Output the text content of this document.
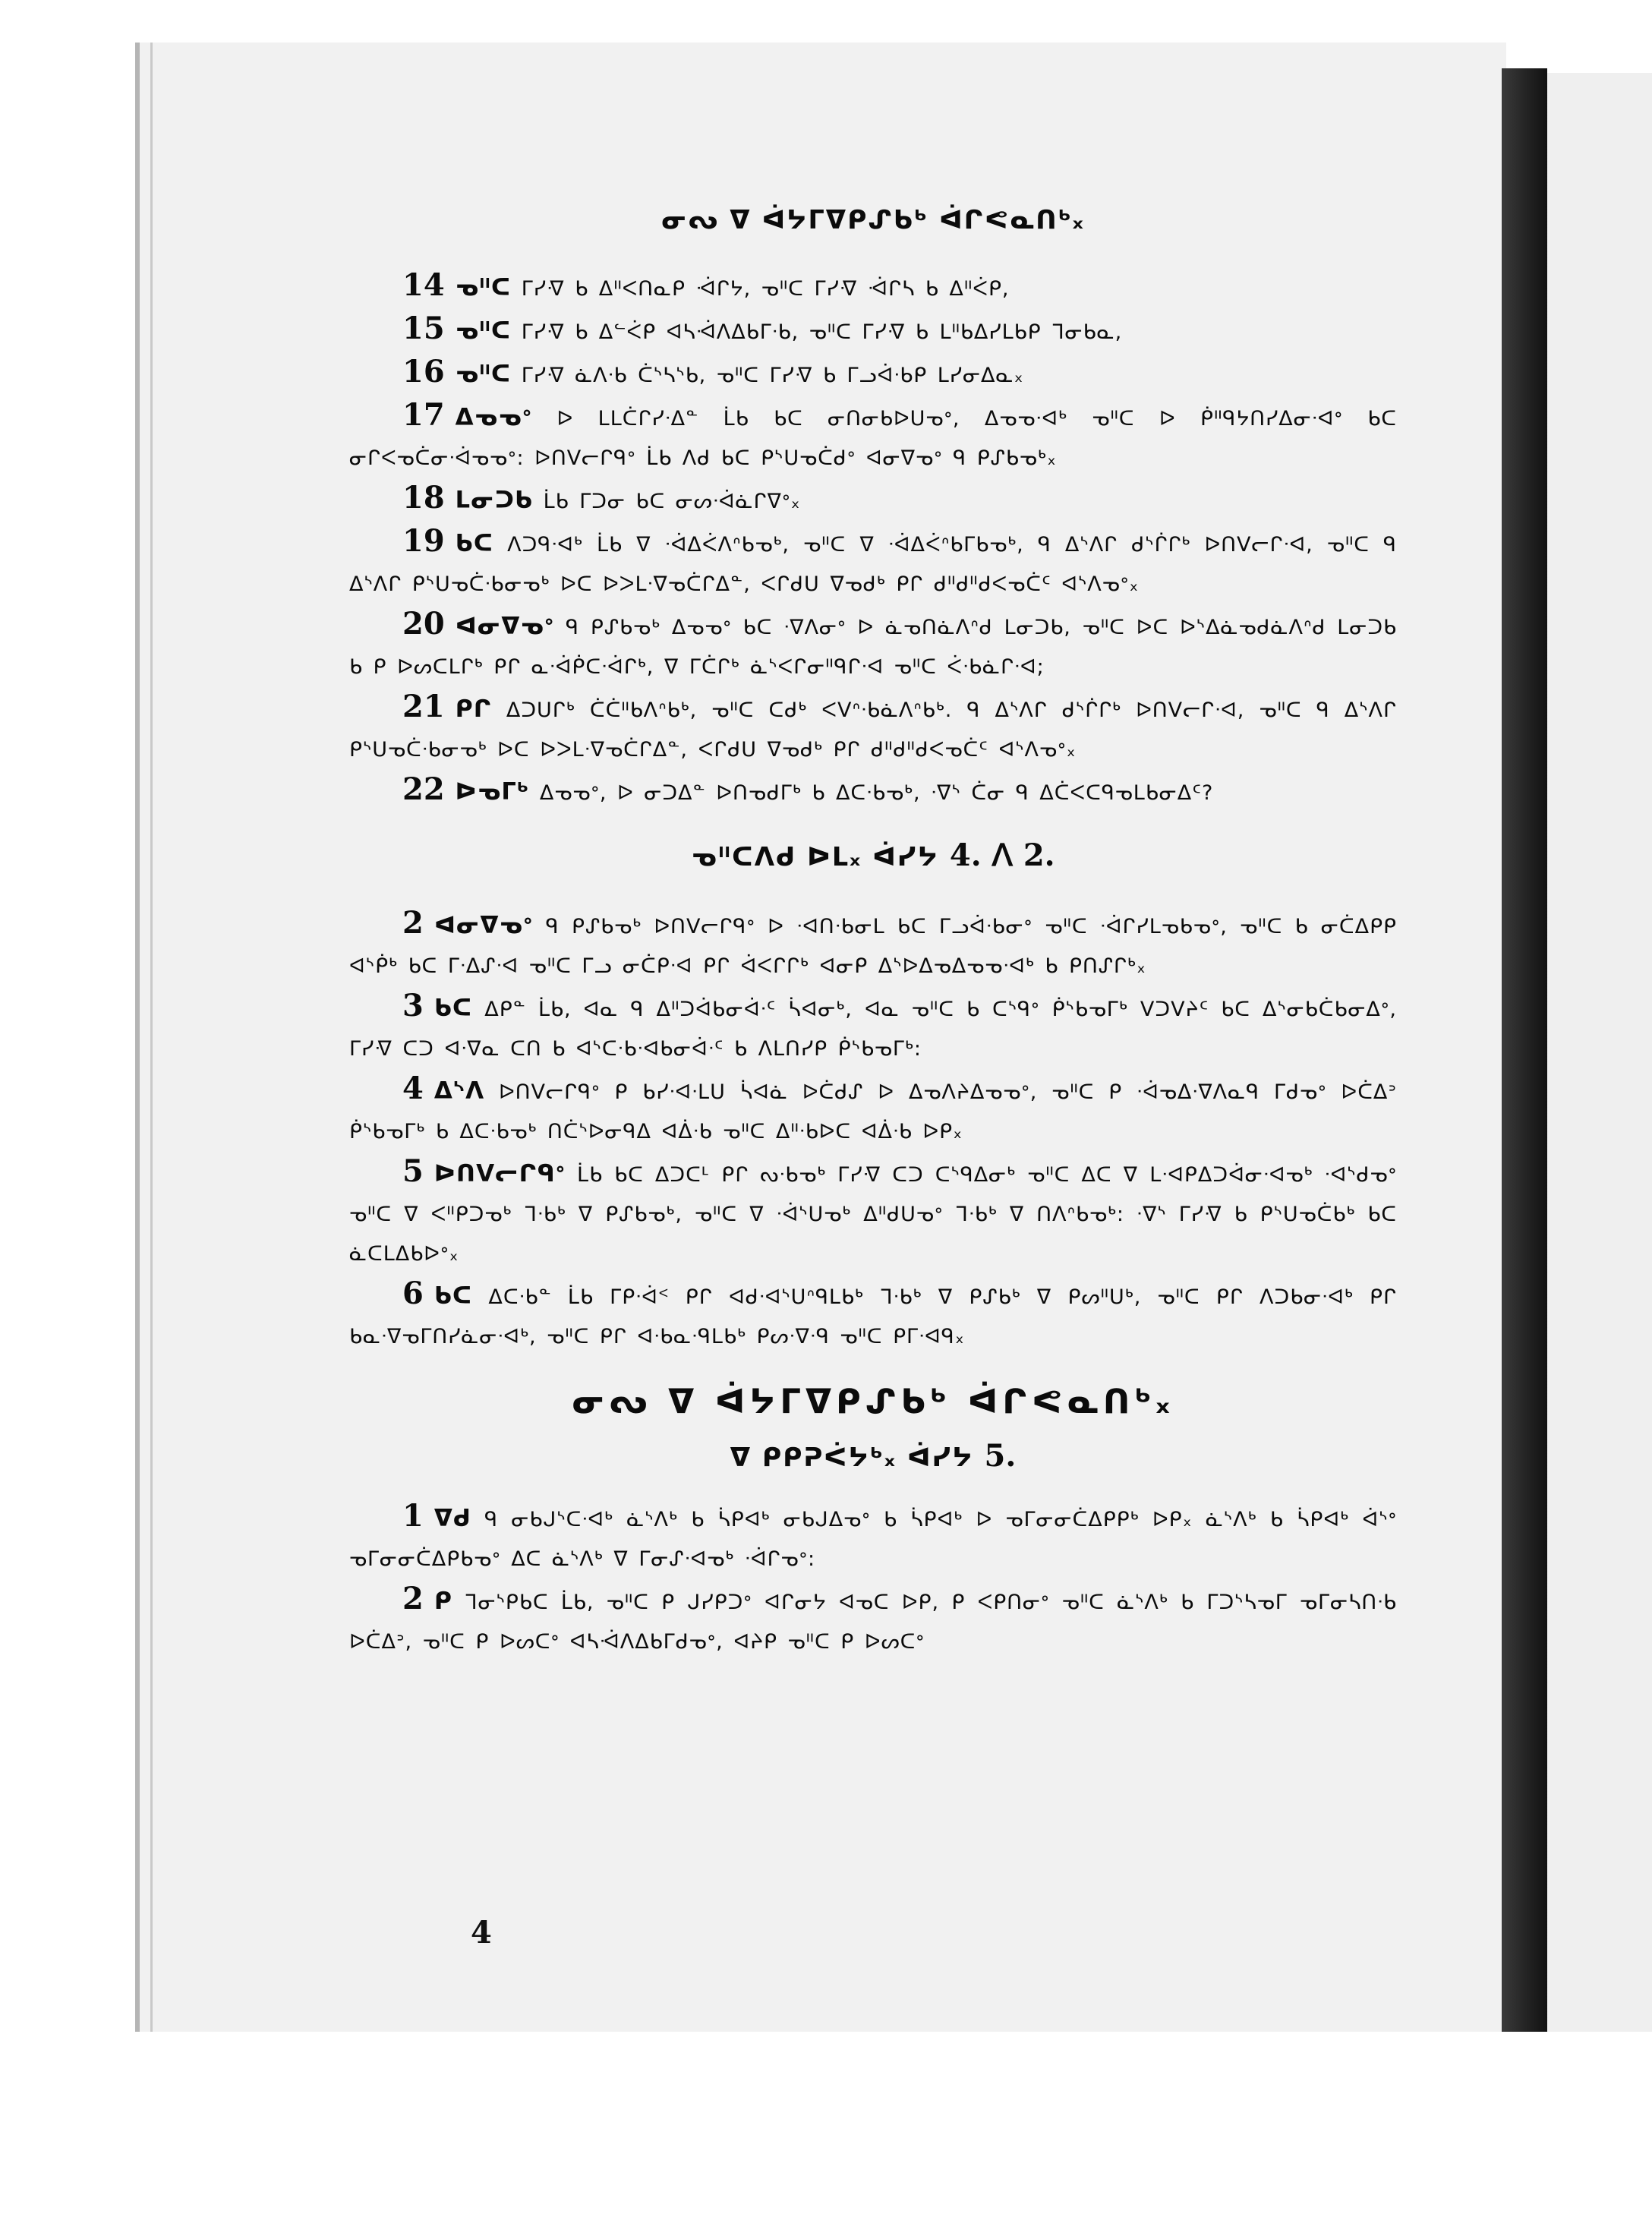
ᓂᔓ ᐁ ᐋᔭᒥᐁᑭᔑᑲᒃ ᐋᒋᕙᓇᑎᒃₓ

14 ᓀᐦᑕ ᒥᓯᐌ ᑲ ᐃᐦᐸᑎᓇᑭ ᐙᒋᔭ, ᓀᐦᑕ ᒥᓯᐌ ᐙᒋᓴ ᑲ ᐃᐦᐹᑭ,

15 ᓀᐦᑕ ᒥᓯᐌ ᑲ ᐃᓪᐹᑭ ᐊᓴᐙᐱᐃᑲᒥᐧᑲ, ᓀᐦᑕ ᒥᓯᐌ ᑲ ᒪᐦᑲᐃᓯᒪᑲᑭ ᒣᓂᑲᓇ,

16 ᓀᐦᑕ ᒥᓯᐌ ᓈᐱᐧᑲ ᑖᔅᓴᔅᑲ, ᓀᐦᑕ ᒥᓯᐌ ᑲ ᒥᓗᐋᐧᑲᑭ ᒪᓯᓂᐃᓇₓ

17 ᐃᓀᓀᐤ ᐅ ᒪᒪᑖᒋᓯᐧᐃᓐ ᒫᑲ ᑲᑕ ᓂᑎᓂᑲᐅᑌᓀᐤ, ᐃᓀᓀᐧᐊᒃ ᓀᐦᑕ ᐅ ᑮᐦᑫᔭᑎᓯᐃᓂᐧᐊᐤ ᑲᑕ ᓂᒋᐸᓀᑖᓂᐧᐋᓀᓀᐤ: ᐅᑎᐯᓕᒋᑫᐤ ᒫᑲ ᐱᑯ ᑲᑕ ᑭᔅᑌᓀᑖᑯᐤ ᐊᓂᐁᓀᐤ ᑫ ᑭᔑᑲᓀᒃₓ

18 ᒪᓂᑐᑲ ᒫᑲ ᒥᑐᓂ ᑲᑕ ᓂᔕᐧᐋᓈᒋᐁᐤₓ

19 ᑲᑕ ᐱᑐᑫᐧᐊᒃ ᒫᑲ ᐁ ᐧᐋᐃᐹᐱᐢᑲᓀᒃ, ᓀᐦᑕ ᐁ ᐧᐋᐃᐹᐢᑲᒥᑲᓀᒃ, ᑫ ᐃᔅᐱᒋ ᑯᔅᒌᒋᒃ ᐅᑎᐯᓕᒋᐧᐊ, ᓀᐦᑕ ᑫ ᐃᔅᐱᒋ ᑭᔅᑌᓀᑖᐧᑲᓂᓀᒃ ᐅᑕ ᐅᐳᒪᐧᐁᓀᑖᒋᐃᓐ, ᐸᒋᑯᑌ ᐁᓀᑯᒃ ᑭᒋ ᑯᐦᑯᐦᑯᐸᓀᑖᑦ ᐊᔅᐱᓀᐤₓ

20 ᐊᓂᐁᓀᐤ ᑫ ᑭᔑᑲᓀᒃ ᐃᓀᓀᐤ ᑲᑕ ᐧᐁᐱᓂᐤ ᐅ ᓈᓀᑎᓈᐱᐢᑯ ᒪᓂᑐᑲ, ᓀᐦᑕ ᐅᑕ ᐅᔅᐃᓈᓀᑯᓈᐱᐢᑯ ᒪᓂᑐᑲ ᑲ ᑭ ᐅᔕᑕᒪᒋᒃ ᑭᒋ ᓇᐧᐋᑮᑕᐧᐋᒋᒃ, ᐁ ᒥᑖᒋᒃ ᓈᔅᐸᒋᓂᐦᑫᒋᐧᐊ ᓀᐦᑕ ᐹᐧᑲᓈᒋᐧᐊ;

21 ᑭᒋ ᐃᑐᑌᒋᒃ ᑖᑖᐦᑲᐱᐢᑲᒃ, ᓀᐦᑕ ᑕᑯᒃ ᐸᐯᐢᐧᑲᓈᐱᐢᑲᒃ. ᑫ ᐃᔅᐱᒋ ᑯᔅᒌᒋᒃ ᐅᑎᐯᓕᒋᐧᐊ, ᓀᐦᑕ ᑫ ᐃᔅᐱᒋ ᑭᔅᑌᓀᑖᐧᑲᓂᓀᒃ ᐅᑕ ᐅᐳᒪᐧᐁᓀᑖᒋᐃᓐ, ᐸᒋᑯᑌ ᐁᓀᑯᒃ ᑭᒋ ᑯᐦᑯᐦᑯᐸᓀᑖᑦ ᐊᔅᐱᓀᐤₓ

22 ᐅᓀᒥᒃ ᐃᓀᓀᐤ, ᐅ ᓂᑐᐃᓐ ᐅᑎᓀᑯᒥᒃ ᑲ ᐃᑕᐧᑲᓀᒃ, ᐧᐁᔅ ᑖᓂ ᑫ ᐃᑖᐸᑕᑫᓀᒪᑲᓂᐃᑦ?

ᓀᐦᑕᐱᑯ ᐅᒪₓ ᐋᓯᔭ 4. ᐱ 2.

2 ᐊᓂᐁᓀᐤ ᑫ ᑭᔑᑲᓀᒃ ᐅᑎᐯᓕᒋᑫᐤ ᐅ ᐧᐊᑎᐧᑲᓂᒪ ᑲᑕ ᒥᓗᐋᐧᑲᓂᐤ ᓀᐦᑕ ᐧᐋᒋᓯᒪᓀᑲᓀᐤ, ᓀᐦᑕ ᑲ ᓂᑖᐃᑭᑭ ᐊᔅᑮᒃ ᑲᑕ ᒥᐧᐃᔑᐧᐊ ᓀᐦᑕ ᒥᓗ ᓂᑖᑭᐧᐊ ᑭᒋ ᐋᐸᒋᒋᒃ ᐊᓂᑭ ᐃᔅᐅᐃᓀᐃᓀᓀᐧᐊᒃ ᑲ ᑭᑎᔑᒋᒃₓ

3 ᑲᑕ ᐃᑭᓐ ᒫᑲ, ᐊᓇ ᑫ ᐃᐦᑐᐋᑲᓂᐋᐧᑦ ᓵᐊᓂᒃ, ᐊᓇ ᓀᐦᑕ ᑲ ᑕᔅᑫᐤ ᑮᔅᑲᓀᒥᒃ ᐯᑐᐯᔨᑦ ᑲᑕ ᐃᔅᓂᑲᑖᑲᓂᐃᐤ, ᒥᓯᐌ ᑕᑐ ᐊᐧᐁᓇ ᑕᑎ ᑲ ᐊᔅᑕᐧᑲᐧᐊᑲᓂᐋᐧᑦ ᑲ ᐱᒪᑎᓯᑭ ᑮᔅᑲᓀᒥᒃ:

4 ᐃᔅᐱ ᐅᑎᐯᓕᒋᑫᐤ ᑭ ᑲᓯᐧᐊᐧᒪᑌ ᓵᐊᓈ ᐅᑖᑯᔑ ᐅ ᐃᓀᐱᔨᐃᓀᓀᐤ, ᓀᐦᑕ ᑭ ᐧᐋᓀᐃᐧᐁᐱᓇᑫ ᒥᑯᓀᐤ ᐅᑖᐃᐣ ᑮᔅᑲᓀᒥᒃ ᑲ ᐃᑕᐧᑲᓀᒃ ᑎᑖᔅᐅᓂᑫᐃ ᐊᐄᐧᑲ ᓀᐦᑕ ᐃᐦᐧᑲᐅᑕ ᐊᐄᐧᑲ ᐅᑭₓ

5 ᐅᑎᐯᓕᒋᑫᐤ ᒫᑲ ᑲᑕ ᐃᑐᑕᒻ ᑭᒋ ᔓᐧᑲᓀᒃ ᒥᓯᐌ ᑕᑐ ᑕᔅᑫᐃᓂᒃ ᓀᐦᑕ ᐃᑕ ᐁ ᒪᐧᐊᑭᐃᑐᐋᓂᐧᐊᓀᒃ ᐧᐊᔅᑯᓀᐤ ᓀᐦᑕ ᐁ ᐸᐦᑭᑐᓀᒃ ᒣᐧᑲᒃ ᐁ ᑭᔑᑲᓀᒃ, ᓀᐦᑕ ᐁ ᐧᐋᔅᑌᓀᒃ ᐃᐦᑯᑌᓀᐤ ᒣᐧᑲᒃ ᐁ ᑎᐱᐢᑲᓀᒃ: ᐧᐁᔅ ᒥᓯᐌ ᑲ ᑭᔅᑌᓀᑖᑲᒃ ᑲᑕ ᓈᑕᒪᐃᑲᐅᐤₓ

6 ᑲᑕ ᐃᑕᐧᑲᓐ ᒫᑲ ᒥᑭᐧᐋᑉ ᑭᒋ ᐊᑯᐧᐊᔅᑌᐢᑫᒪᑲᒃ ᒣᐧᑲᒃ ᐁ ᑭᔑᑲᒃ ᐁ ᑭᔕᐦᑌᒃ, ᓀᐦᑕ ᑭᒋ ᐱᑐᑲᓂᐧᐊᒃ ᑭᒋ ᑲᓇᐧᐁᓀᒥᑎᓯᓈᓂᐧᐊᒃ, ᓀᐦᑕ ᑭᒋ ᐊᐧᑲᓇᐧᑫᒪᑲᒃ ᑭᔕᐧᐁᐧᑫ ᓀᐦᑕ ᑭᒥᐧᐊᑫₓ

ᓂᔓ ᐁ ᐋᔭᒥᐁᑭᔑᑲᒃ ᐋᒋᕙᓇᑎᒃₓ

ᐁ ᑭᑭᕈᐹᔭᒃₓ ᐋᓯᔭ 5.

1 ᐁᑯ ᑫ ᓂᑲᒍᔅᑕᐧᐊᒃ ᓈᔅᐱᒃ ᑲ ᓵᑭᐊᒃ ᓂᑲᒍᐃᓀᐤ ᑲ ᓵᑭᐊᒃ ᐅ ᓀᒥᓂᓂᑖᐃᑭᑭᒃ ᐅᑭₓ ᓈᔅᐱᒃ ᑲ ᓵᑭᐊᒃ ᐋᔅᐤ ᓀᒥᓂᓂᑖᐃᑭᑲᓀᐤ ᐃᑕ ᓈᔅᐱᒃ ᐁ ᒥᓂᔑᐧᐊᓀᒃ ᐧᐋᒋᓀᐤ:

2 ᑭ ᒣᓂᔅᑭᑲᑕ ᒫᑲ, ᓀᐦᑕ ᑭ ᒍᓯᑭᑐᐤ ᐊᒋᓂᔭ ᐊᓀᑕ ᐅᑭ, ᑭ ᐸᑭᑎᓂᐤ ᓀᐦᑕ ᓈᔅᐱᒃ ᑲ ᒥᑐᔅᓴᓀᒥ ᓀᒥᓂᓴᑎᐧᑲ ᐅᑖᐃᐣ, ᓀᐦᑕ ᑭ ᐅᔕᑕᐤ ᐊᓴᐙᐱᐃᑲᒥᑯᓀᐤ, ᐊᔨᑭ ᓀᐦᑕ ᑭ ᐅᔕᑕᐤ

4
